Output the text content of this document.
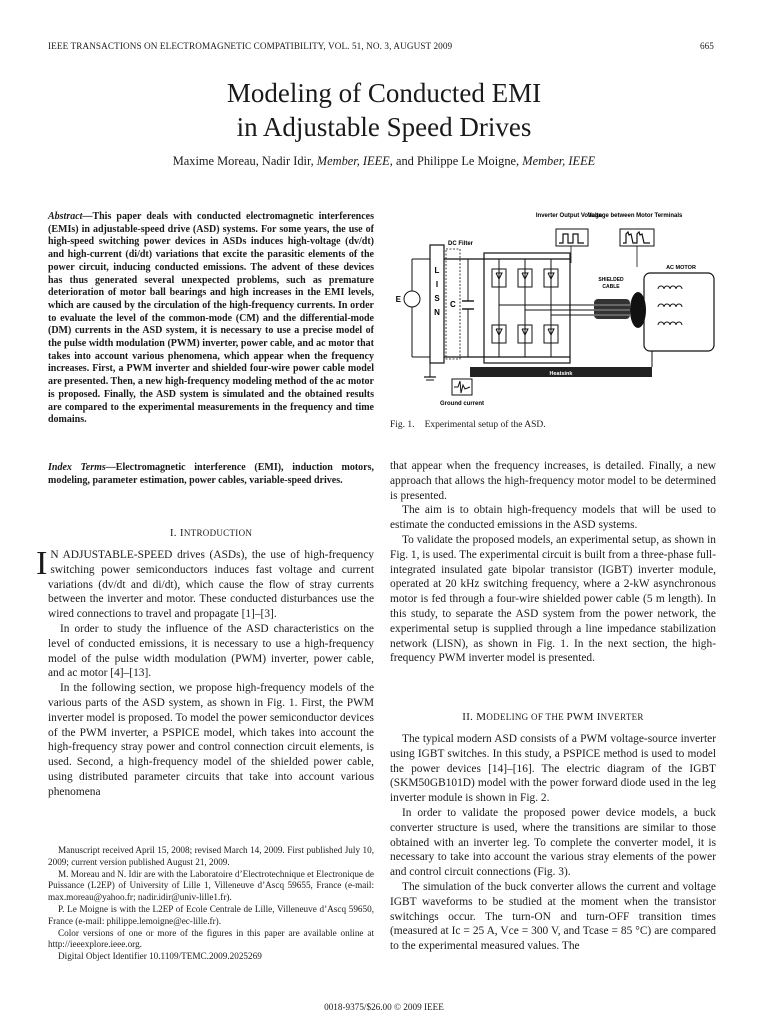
IEEE TRANSACTIONS ON ELECTROMAGNETIC COMPATIBILITY, VOL. 51, NO. 3, AUGUST 2009	665
Modeling of Conducted EMI
in Adjustable Speed Drives
Maxime Moreau, Nadir Idir, Member, IEEE, and Philippe Le Moigne, Member, IEEE
Abstract—This paper deals with conducted electromagnetic interferences (EMIs) in adjustable-speed drive (ASD) systems. For some years, the use of high-speed switching power devices in ASDs induces high-voltage (dv/dt) and high-current (di/dt) variations that excite the parasitic elements of the power circuit, inducing conducted emissions. The advent of these devices has thus generated several unexpected problems, such as premature deterioration of motor ball bearings and high increases in the EMI levels, which are caused by the circulation of the high-frequency currents. In order to evaluate the level of the common-mode (CM) and the differential-mode (DM) currents in the ASD system, it is necessary to use a precise model of the pulse width modulation (PWM) inverter, power cable, and ac motor that takes into account various phenomena, which appear when the frequency increases. First, a PWM inverter and shielded four-wire power cable model are presented. Then, a new high-frequency modeling method of the ac motor is proposed. Finally, the ASD system is simulated and the obtained results are compared to the experimental measurements in the frequency and time domains.
Index Terms—Electromagnetic interference (EMI), induction motors, modeling, parameter estimation, power cables, variable-speed drives.
I. INTRODUCTION

I N ADJUSTABLE-SPEED drives (ASDs), the use of high-frequency switching power semiconductors induces fast voltage and current variations (dv/dt and di/dt), which cause the flow of stray currents between the inverter and motor. These conducted disturbances use the wired connections to travel and propagate [1]–[3].

In order to study the influence of the ASD characteristics on the level of conducted emissions, it is necessary to use a high-frequency model of the pulse width modulation (PWM) inverter, power cable, and ac motor [4]–[13].

In the following section, we propose high-frequency models of the various parts of the ASD system, as shown in Fig. 1. First, the PWM inverter model is proposed. To model the power semiconductor devices of the PWM inverter, a PSPICE model, which takes into account the high-frequency stray power and control connection circuit elements, is used. Second, a high-frequency model of the shielded power cable, using distributed parameter circuits that take into account various phenomena

Manuscript received April 15, 2008; revised March 14, 2009. First published July 10, 2009; current version published August 21, 2009.

M. Moreau and N. Idir are with the Laboratoire d’Electrotechnique et Electronique de Puissance (L2EP) of University of Lille 1, Villeneuve d’Ascq 59655, France (e-mail: max.moreau@yahoo.fr; nadir.idir@univ-lille1.fr).

P. Le Moigne is with the L2EP of Ecole Centrale de Lille, Villeneuve d’Ascq 59650, France (e-mail: philippe.lemoigne@ec-lille.fr).

Color versions of one or more of the figures in this paper are available online at http://ieeexplore.ieee.org.

Digital Object Identifier 10.1109/TEMC.2009.2025269

Inverter Output Voltage
Voltage between Motor Terminals
E
L
I
S
N
DC Filter
C
Heatsink
SHIELDED
CABLE
AC MOTOR
Ground current
Fig. 1. Experimental setup of the ASD.

that appear when the frequency increases, is detailed. Finally, a new approach that allows the high-frequency motor model to be determined is presented.

The aim is to obtain high-frequency models that will be used to estimate the conducted emissions in the ASD systems.

To validate the proposed models, an experimental setup, as shown in Fig. 1, is used. The experimental circuit is built from a three-phase full-integrated insulated gate bipolar transistor (IGBT) inverter module, operated at 20 kHz switching frequency, where a 2-kW asynchronous motor is fed through a four-wire shielded power cable (5 m length). In this study, to separate the ASD system from the power network, the experimental setup is supplied through a line impedance stabilization network (LISN), as shown in Fig. 1. In the next section, the high-frequency PWM inverter model is presented.

II. MODELING OF THE PWM INVERTER

The typical modern ASD consists of a PWM voltage-source inverter using IGBT switches. In this study, a PSPICE method is used to model the power devices [14]–[16]. The electric diagram of the IGBT (SKM50GB101D) model with the power forward diode used in the leg inverter module is shown in Fig. 2.

In order to validate the proposed power device models, a buck converter structure is used, where the transitions are similar to those obtained with an inverter leg. To complete the converter model, it is necessary to take into account the various stray elements of the power and control circuit connections (Fig. 3).

The simulation of the buck converter allows the current and voltage IGBT waveforms to be studied at the moment when the transistor switchings occur. The turn-ON and turn-OFF transition times (measured at Ic = 25 A, Vce = 300 V, and Tcase = 85 °C) are compared to the experimental measured values. The

0018-9375/$26.00 © 2009 IEEE
